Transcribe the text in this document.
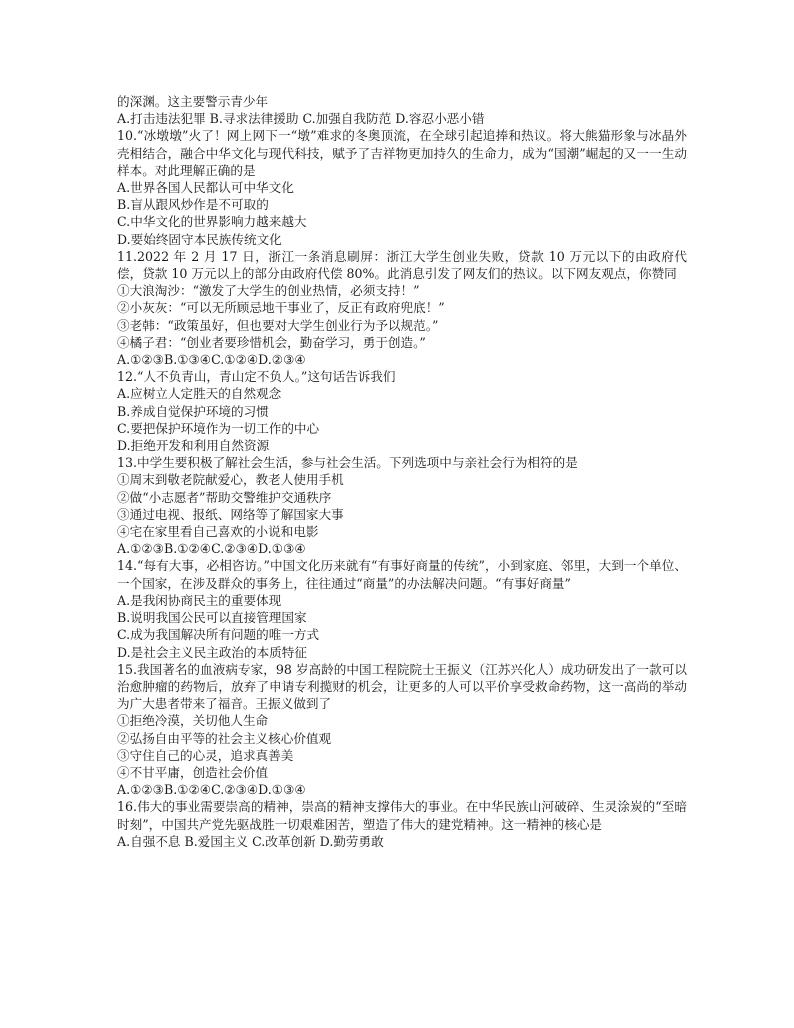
的深渊。这主要警示青少年

A.打击违法犯罪 B.寻求法律援助 C.加强自我防范 D.容忍小恶小错

10.“冰墩墩”火了！网上网下一“墩”难求的冬奥顶流，在全球引起追捧和热议。将大熊猫形象与冰晶外壳相结合，融合中华文化与现代科技，赋予了吉祥物更加持久的生命力，成为“国潮”崛起的又一一生动样本。对此理解正确的是

A.世界各国人民都认可中华文化

B.盲从跟风炒作是不可取的

C.中华文化的世界影响力越来越大

D.要始终固守本民族传统文化

11.2022 年 2 月 17 日，浙江一条消息刷屏：浙江大学生创业失败，贷款 10 万元以下的由政府代偿，贷款 10 万元以上的部分由政府代偿 80%。此消息引发了网友们的热议。以下网友观点，你赞同

①大浪淘沙：“激发了大学生的创业热情，必须支持！”

②小灰灰：“可以无所顾忌地干事业了，反正有政府兜底！”

③老韩：“政策虽好，但也要对大学生创业行为予以规范。”

④橘子君：“创业者要珍惜机会，勤奋学习，勇于创造。”

A.①②③B.①③④C.①②④D.②③④

12.“人不负青山，青山定不负人。”这句话告诉我们

A.应树立人定胜天的自然观念

B.养成自觉保护环境的习惯

C.要把保护环境作为一切工作的中心

D.拒绝开发和利用自然资源

13.中学生要积极了解社会生活，参与社会生活。下列选项中与亲社会行为相符的是

①周末到敬老院献爱心，教老人使用手机

②做“小志愿者”帮助交警维护交通秩序

③通过电视、报纸、网络等了解国家大事

④宅在家里看自己喜欢的小说和电影

A.①②③B.①②④C.②③④D.①③④

14.“每有大事，必相咨访。”中国文化历来就有“有事好商量的传统”，小到家庭、邻里，大到一个单位、一个国家，在涉及群众的事务上，往往通过“商量”的办法解决问题。“有事好商量”

A.是我闲协商民主的重要体现

B.说明我国公民可以直接管理国家

C.成为我国解决所有问题的唯一方式

D.是社会主义民主政治的本质特征

15.我国著名的血液病专家，98 岁高龄的中国工程院院士王振义（江苏兴化人）成功研发出了一款可以治愈肿瘤的药物后，放弃了申请专利揽财的机会，让更多的人可以平价享受救命药物，这一高尚的举动为广大患者带来了福音。王振义做到了

①拒绝冷漠，关切他人生命

②弘扬自由平等的社会主义核心价值观

③守住自己的心灵，追求真善美

④不甘平庸，创造社会价值

A.①②③B.①②④C.②③④D.①③④

16.伟大的事业需要崇高的精神，崇高的精神支撑伟大的事业。在中华民族山河破碎、生灵涂炭的“至暗时刻”，中国共产党先驱战胜一切艰难困苦，塑造了伟大的建党精神。这一精神的核心是

A.自强不息 B.爱国主义 C.改革创新 D.勤劳勇敢
